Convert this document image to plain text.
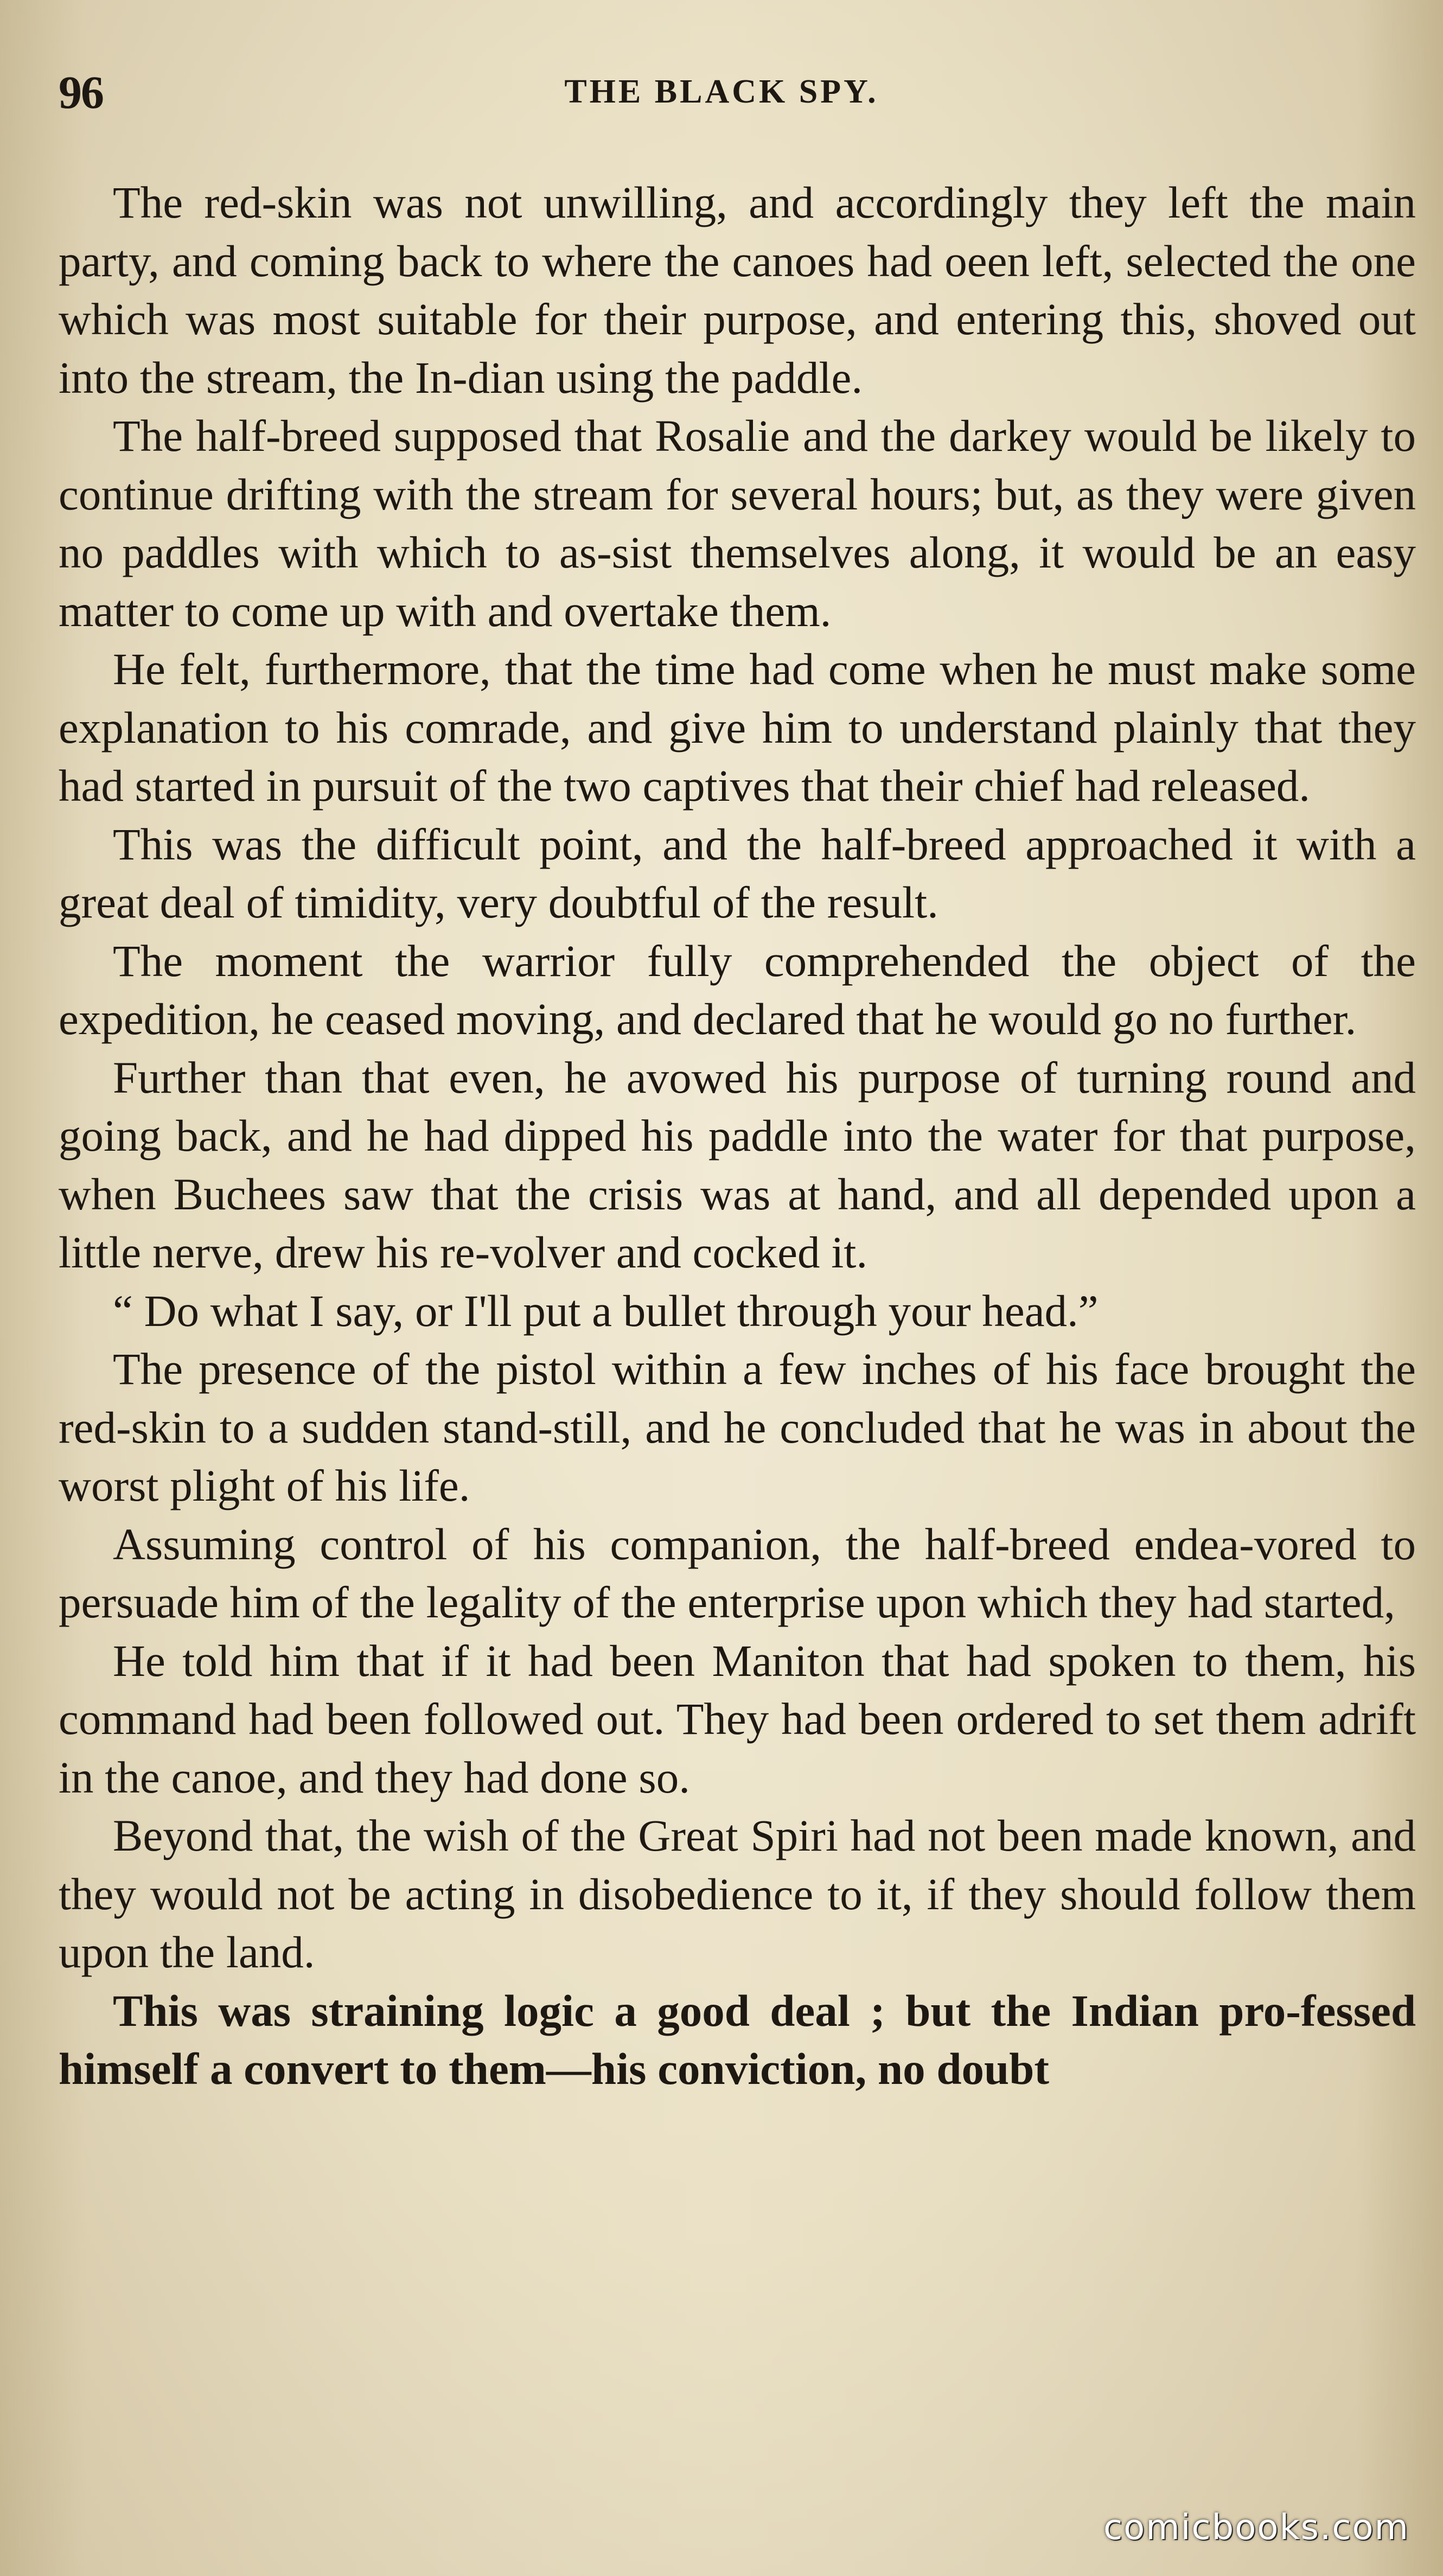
96	THE BLACK SPY.

The red-skin was not unwilling, and accordingly they left the main party, and coming back to where the canoes had oeen left, selected the one which was most suitable for their purpose, and entering this, shoved out into the stream, the In-dian using the paddle.

The half-breed supposed that Rosalie and the darkey would be likely to continue drifting with the stream for several hours; but, as they were given no paddles with which to as-sist themselves along, it would be an easy matter to come up with and overtake them.

He felt, furthermore, that the time had come when he must make some explanation to his comrade, and give him to understand plainly that they had started in pursuit of the two captives that their chief had released.

This was the difficult point, and the half-breed approached it with a great deal of timidity, very doubtful of the result.

The moment the warrior fully comprehended the object of the expedition, he ceased moving, and declared that he would go no further.

Further than that even, he avowed his purpose of turning round and going back, and he had dipped his paddle into the water for that purpose, when Buchees saw that the crisis was at hand, and all depended upon a little nerve, drew his re-volver and cocked it.

“ Do what I say, or I'll put a bullet through your head.”

The presence of the pistol within a few inches of his face brought the red-skin to a sudden stand-still, and he concluded that he was in about the worst plight of his life.

Assuming control of his companion, the half-breed endea-vored to persuade him of the legality of the enterprise upon which they had started,

He told him that if it had been Maniton that had spoken to them, his command had been followed out. They had been ordered to set them adrift in the canoe, and they had done so.

Beyond that, the wish of the Great Spiri had not been made known, and they would not be acting in disobedience to it, if they should follow them upon the land.

This was straining logic a good deal ; but the Indian pro-fessed himself a convert to them—his conviction, no doubt

comicbooks.com
